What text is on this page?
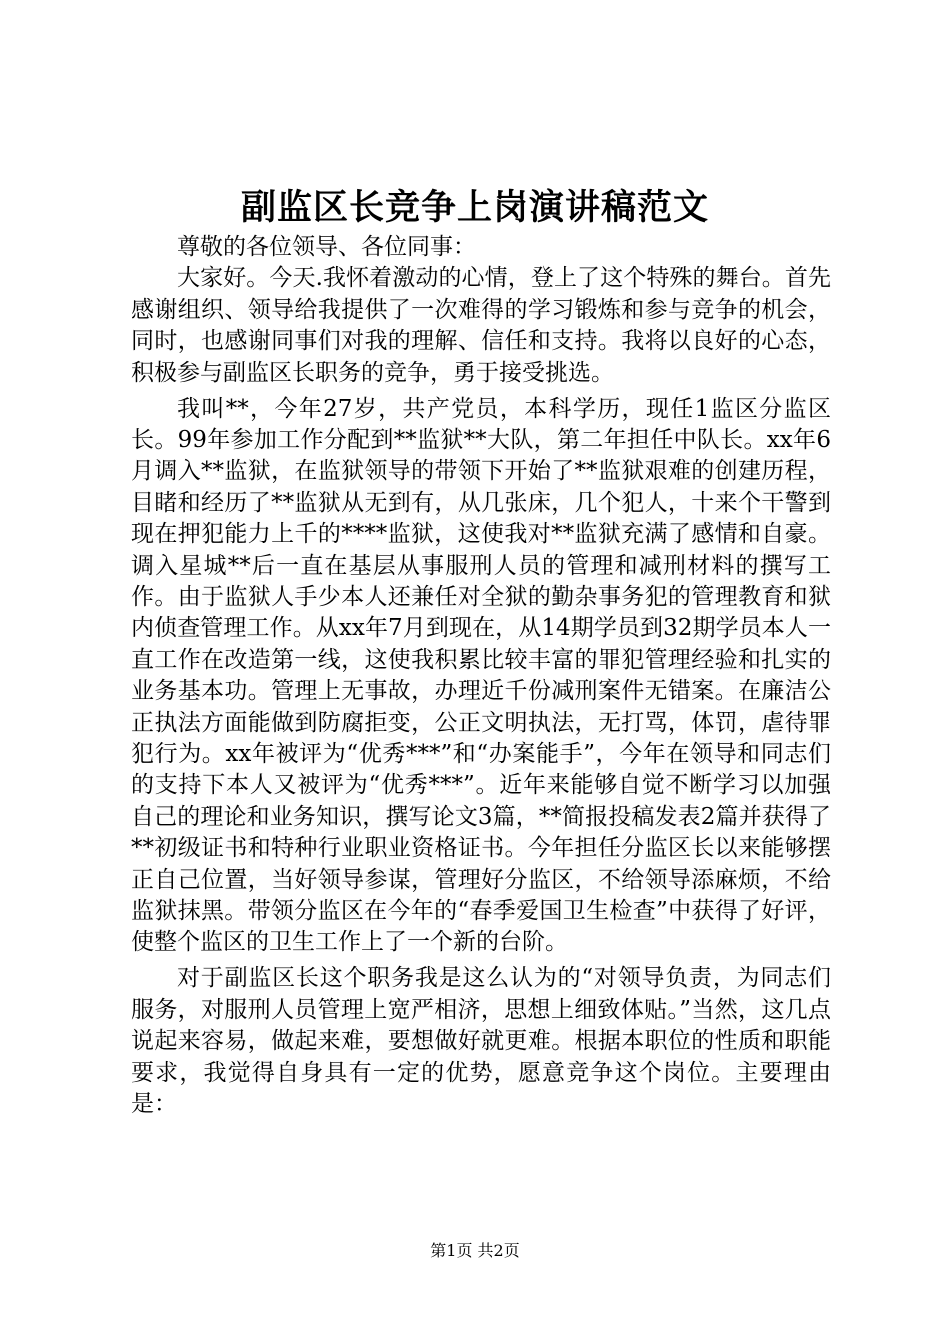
副监区长竞争上岗演讲稿范文

尊敬的各位领导、各位同事：

大家好。今天.我怀着激动的心情，登上了这个特殊的舞台。首先感谢组织、领导给我提供了一次难得的学习锻炼和参与竞争的机会，同时，也感谢同事们对我的理解、信任和支持。我将以良好的心态，积极参与副监区长职务的竞争，勇于接受挑选。

我叫**，今年27岁，共产党员，本科学历，现任1监区分监区长。99年参加工作分配到**监狱**大队，第二年担任中队长。xx年6月调入**监狱，在监狱领导的带领下开始了**监狱艰难的创建历程，目睹和经历了**监狱从无到有，从几张床，几个犯人，十来个干警到现在押犯能力上千的****监狱，这使我对**监狱充满了感情和自豪。调入星城**后一直在基层从事服刑人员的管理和减刑材料的撰写工作。由于监狱人手少本人还兼任对全狱的勤杂事务犯的管理教育和狱内侦查管理工作。从xx年7月到现在，从14期学员到32期学员本人一直工作在改造第一线，这使我积累比较丰富的罪犯管理经验和扎实的业务基本功。管理上无事故，办理近千份减刑案件无错案。在廉洁公正执法方面能做到防腐拒变，公正文明执法，无打骂，体罚，虐待罪犯行为。xx年被评为“优秀***”和“办案能手”，今年在领导和同志们的支持下本人又被评为“优秀***”。近年来能够自觉不断学习以加强自己的理论和业务知识，撰写论文3篇，**简报投稿发表2篇并获得了**初级证书和特种行业职业资格证书。今年担任分监区长以来能够摆正自己位置，当好领导参谋，管理好分监区，不给领导添麻烦，不给监狱抹黑。带领分监区在今年的“春季爱国卫生检查”中获得了好评，使整个监区的卫生工作上了一个新的台阶。

对于副监区长这个职务我是这么认为的“对领导负责，为同志们服务，对服刑人员管理上宽严相济，思想上细致体贴。”当然，这几点说起来容易，做起来难，要想做好就更难。根据本职位的性质和职能要求，我觉得自身具有一定的优势，愿意竞争这个岗位。主要理由是：

第1页 共2页
